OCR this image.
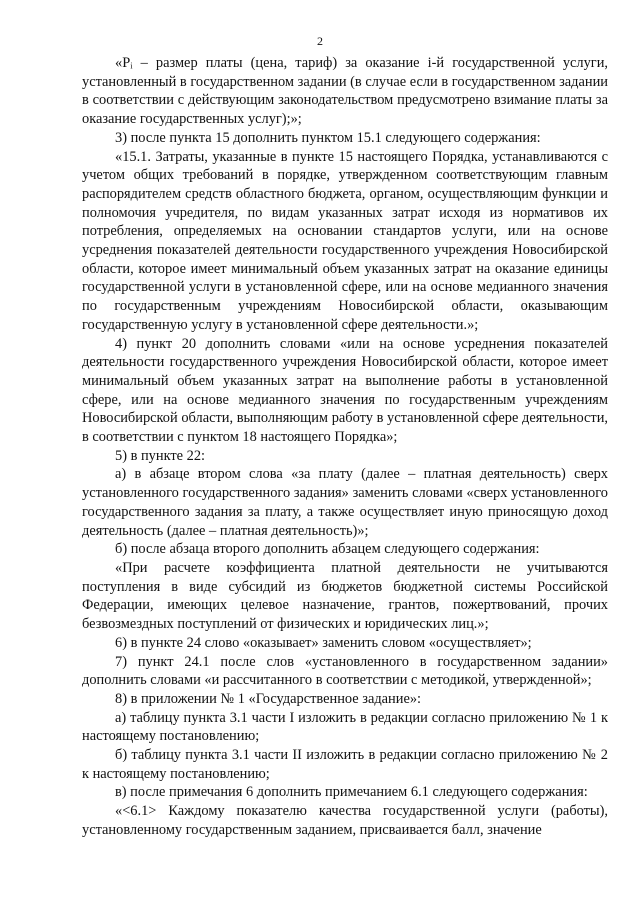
2

«Pᵢ – размер платы (цена, тариф) за оказание i-й государственной услуги, установленный в государственном задании (в случае если в государственном задании в соответствии с действующим законодательством предусмотрено взимание платы за оказание государственных услуг);»;

3) после пункта 15 дополнить пунктом 15.1 следующего содержания:

«15.1. Затраты, указанные в пункте 15 настоящего Порядка, устанавливаются с учетом общих требований в порядке, утвержденном соответствующим главным распорядителем средств областного бюджета, органом, осуществляющим функции и полномочия учредителя, по видам указанных затрат исходя из нормативов их потребления, определяемых на основании стандартов услуги, или на основе усреднения показателей деятельности государственного учреждения Новосибирской области, которое имеет минимальный объем указанных затрат на оказание единицы государственной услуги в установленной сфере, или на основе медианного значения по государственным учреждениям Новосибирской области, оказывающим государственную услугу в установленной сфере деятельности.»;

4) пункт 20 дополнить словами «или на основе усреднения показателей деятельности государственного учреждения Новосибирской области, которое имеет минимальный объем указанных затрат на выполнение работы в установленной сфере, или на основе медианного значения по государственным учреждениям Новосибирской области, выполняющим работу в установленной сфере деятельности, в соответствии с пунктом 18 настоящего Порядка»;

5) в пункте 22:

а) в абзаце втором слова «за плату (далее – платная деятельность) сверх установленного государственного задания» заменить словами «сверх установленного государственного задания за плату, а также осуществляет иную приносящую доход деятельность (далее – платная деятельность)»;

б) после абзаца второго дополнить абзацем следующего содержания:

«При расчете коэффициента платной деятельности не учитываются поступления в виде субсидий из бюджетов бюджетной системы Российской Федерации, имеющих целевое назначение, грантов, пожертвований, прочих безвозмездных поступлений от физических и юридических лиц.»;

6) в пункте 24 слово «оказывает» заменить словом «осуществляет»;

7) пункт 24.1 после слов «установленного в государственном задании» дополнить словами «и рассчитанного в соответствии с методикой, утвержденной»;

8) в приложении № 1 «Государственное задание»:

а) таблицу пункта 3.1 части I изложить в редакции согласно приложению № 1 к настоящему постановлению;

б) таблицу пункта 3.1 части II изложить в редакции согласно приложению № 2 к настоящему постановлению;

в) после примечания 6 дополнить примечанием 6.1 следующего содержания:

«<6.1> Каждому показателю качества государственной услуги (работы), установленному государственным заданием, присваивается балл, значение
